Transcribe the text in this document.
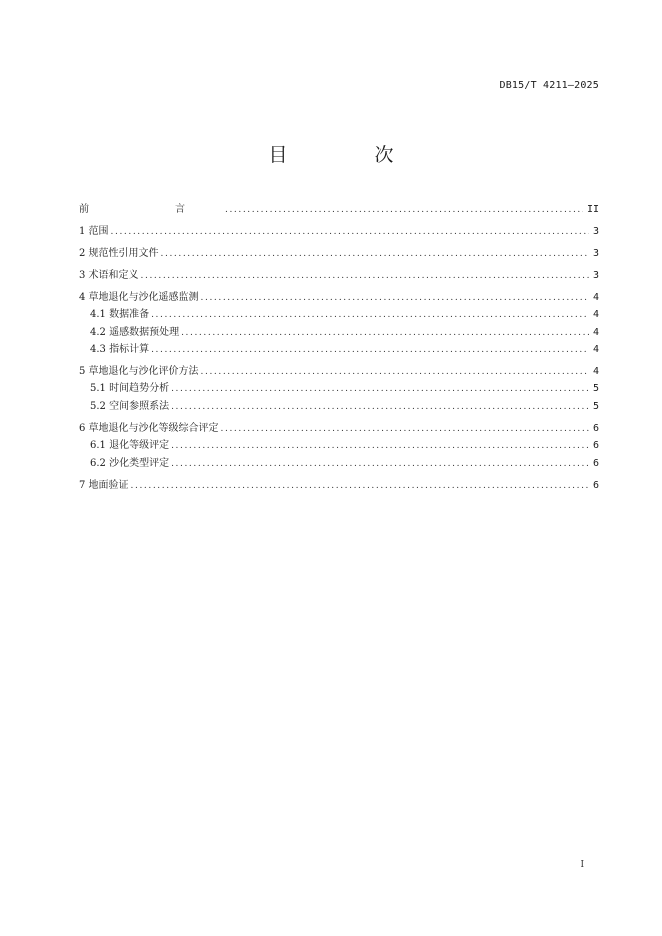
DB15/T 4211—2025
目　次
前　言 .....	II
1 范围 .....	3
2 规范性引用文件 .....	3
3 术语和定义 .....	3
4 草地退化与沙化遥感监测 .....	4
4.1 数据准备 .....	4
4.2 遥感数据预处理 .....	4
4.3 指标计算 .....	4
5 草地退化与沙化评价方法 .....	4
5.1 时间趋势分析 .....	5
5.2 空间参照系法 .....	5
6 草地退化与沙化等级综合评定 .....	6
6.1 退化等级评定 .....	6
6.2 沙化类型评定 .....	6
7 地面验证 .....	6
I
